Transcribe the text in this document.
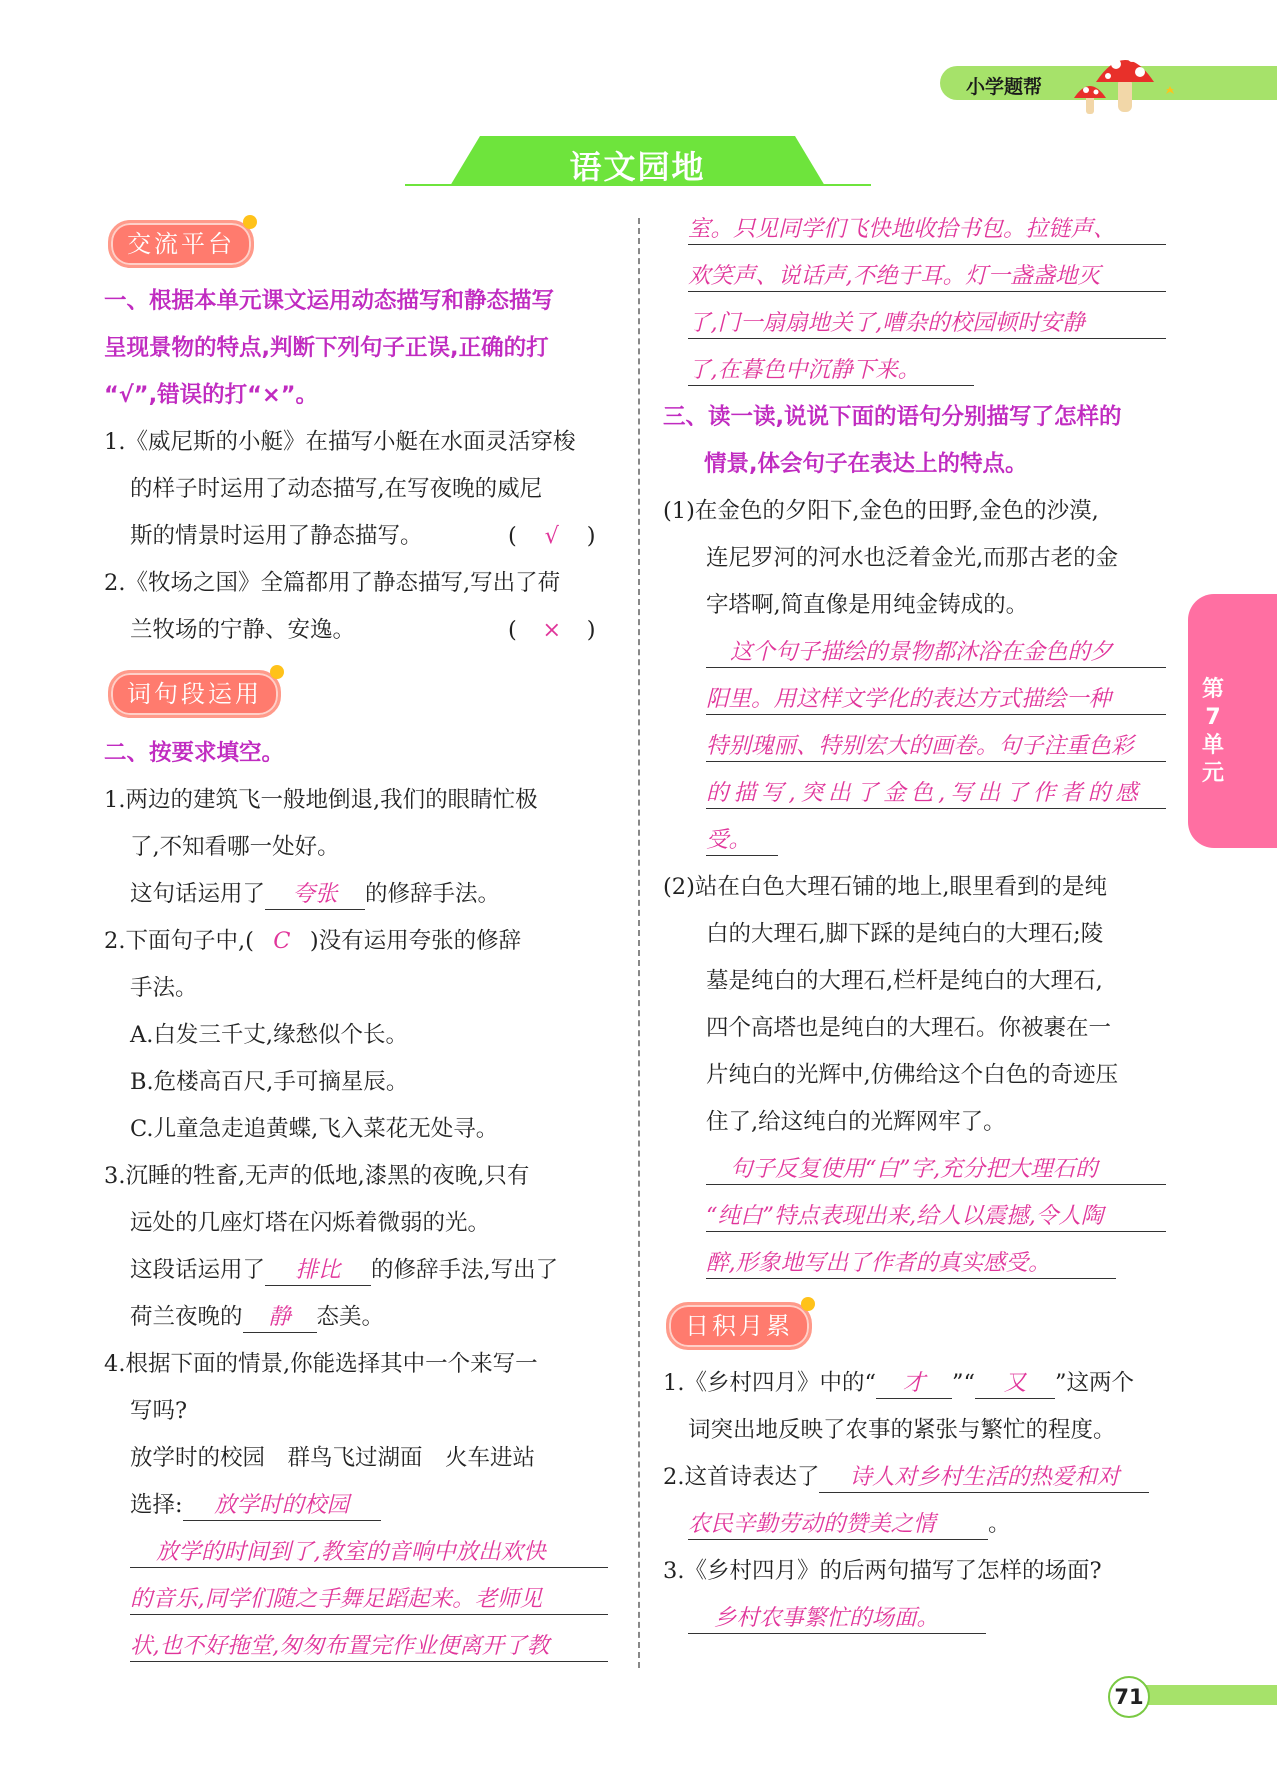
小学题帮
语文园地
第7单元
交流平台
一、根据本单元课文运用动态描写和静态描写
呈现景物的特点,判断下列句子正误,正确的打
“√”,错误的打“×”。
1.《威尼斯的小艇》在描写小艇在水面灵活穿梭
的样子时运用了动态描写,在写夜晚的威尼
斯的情景时运用了静态描写。	( √ )
2.《牧场之国》全篇都用了静态描写,写出了荷
兰牧场的宁静、安逸。	( × )
词句段运用
二、按要求填空。
1.两边的建筑飞一般地倒退,我们的眼睛忙极
了,不知看哪一处好。
这句话运用了 夸张 的修辞手法。
2.下面句子中,( C )没有运用夸张的修辞
手法。
A.白发三千丈,缘愁似个长。
B.危楼高百尺,手可摘星辰。
C.儿童急走追黄蝶,飞入菜花无处寻。
3.沉睡的牲畜,无声的低地,漆黑的夜晚,只有
远处的几座灯塔在闪烁着微弱的光。
这段话运用了 排比 的修辞手法,写出了
荷兰夜晚的 静 态美。
4.根据下面的情景,你能选择其中一个来写一
写吗?
放学时的校园　群鸟飞过湖面　火车进站
选择: 放学时的校园
放学的时间到了,教室的音响中放出欢快
的音乐,同学们随之手舞足蹈起来。老师见
状,也不好拖堂,匆匆布置完作业便离开了教
室。只见同学们飞快地收拾书包。拉链声、
欢笑声、说话声,不绝于耳。灯一盏盏地灭
了,门一扇扇地关了,嘈杂的校园顿时安静
了,在暮色中沉静下来。
三、读一读,说说下面的语句分别描写了怎样的
情景,体会句子在表达上的特点。
(1)在金色的夕阳下,金色的田野,金色的沙漠,
连尼罗河的河水也泛着金光,而那古老的金
字塔啊,简直像是用纯金铸成的。
这个句子描绘的景物都沐浴在金色的夕
阳里。用这样文学化的表达方式描绘一种
特别瑰丽、特别宏大的画卷。句子注重色彩
的描写,突出了金色,写出了作者的感
受。
(2)站在白色大理石铺的地上,眼里看到的是纯
白的大理石,脚下踩的是纯白的大理石;陵
墓是纯白的大理石,栏杆是纯白的大理石,
四个高塔也是纯白的大理石。你被裹在一
片纯白的光辉中,仿佛给这个白色的奇迹压
住了,给这纯白的光辉网牢了。
句子反复使用“白”字,充分把大理石的
“纯白”特点表现出来,给人以震撼,令人陶
醉,形象地写出了作者的真实感受。
日积月累
1.《乡村四月》中的“ 才 ”“ 又 ”这两个
词突出地反映了农事的紧张与繁忙的程度。
2.这首诗表达了 诗人对乡村生活的热爱和对
农民辛勤劳动的赞美之情 。
3.《乡村四月》的后两句描写了怎样的场面?
乡村农事繁忙的场面。
71
